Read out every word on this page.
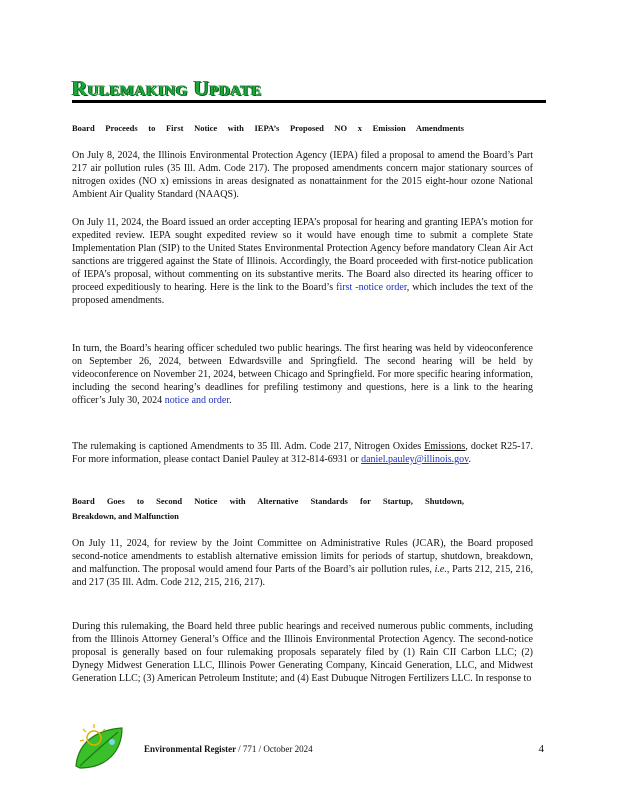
Rulemaking Update
Board Proceeds to First Notice with IEPA’s Proposed NO x Emission Amendments

On July 8, 2024, the Illinois Environmental Protection Agency (IEPA) filed a proposal to amend the Board’s Part 217 air pollution rules (35 Ill. Adm. Code 217). The proposed amendments concern major stationary sources of nitrogen oxides (NO x) emissions in areas designated as nonattainment for the 2015 eight-hour ozone National Ambient Air Quality Standard (NAAQS).

On July 11, 2024, the Board issued an order accepting IEPA’s proposal for hearing and granting IEPA’s motion for expedited review. IEPA sought expedited review so it would have enough time to submit a complete State Implementation Plan (SIP) to the United States Environmental Protection Agency before mandatory Clean Air Act sanctions are triggered against the State of Illinois. Accordingly, the Board proceeded with first-notice publication of IEPA’s proposal, without commenting on its substantive merits. The Board also directed its hearing officer to proceed expeditiously to hearing. Here is the link to the Board’s first -notice order, which includes the text of the proposed amendments.

In turn, the Board’s hearing officer scheduled two public hearings. The first hearing was held by videoconference on September 26, 2024, between Edwardsville and Springfield. The second hearing will be held by videoconference on November 21, 2024, between Chicago and Springfield. For more specific hearing information, including the second hearing’s deadlines for prefiling testimony and questions, here is a link to the hearing officer’s July 30, 2024 notice and order.

The rulemaking is captioned Amendments to 35 Ill. Adm. Code 217, Nitrogen Oxides Emissions, docket R25-17. For more information, please contact Daniel Pauley at 312-814-6931 or daniel.pauley@illinois.gov.

Board Goes to Second Notice with Alternative Standards for Startup, Shutdown,
Breakdown, and Malfunction

On July 11, 2024, for review by the Joint Committee on Administrative Rules (JCAR), the Board proposed second-notice amendments to establish alternative emission limits for periods of startup, shutdown, breakdown, and malfunction. The proposal would amend four Parts of the Board’s air pollution rules, i.e., Parts 212, 215, 216, and 217 (35 Ill. Adm. Code 212, 215, 216, 217).

During this rulemaking, the Board held three public hearings and received numerous public comments, including from the Illinois Attorney General’s Office and the Illinois Environmental Protection Agency. The second-notice proposal is generally based on four rulemaking proposals separately filed by (1) Rain CII Carbon LLC; (2) Dynegy Midwest Generation LLC, Illinois Power Generating Company, Kincaid Generation, LLC, and Midwest Generation LLC; (3) American Petroleum Institute; and (4) East Dubuque Nitrogen Fertilizers LLC. In response to

Environmental Register / 771 / October 2024	4
